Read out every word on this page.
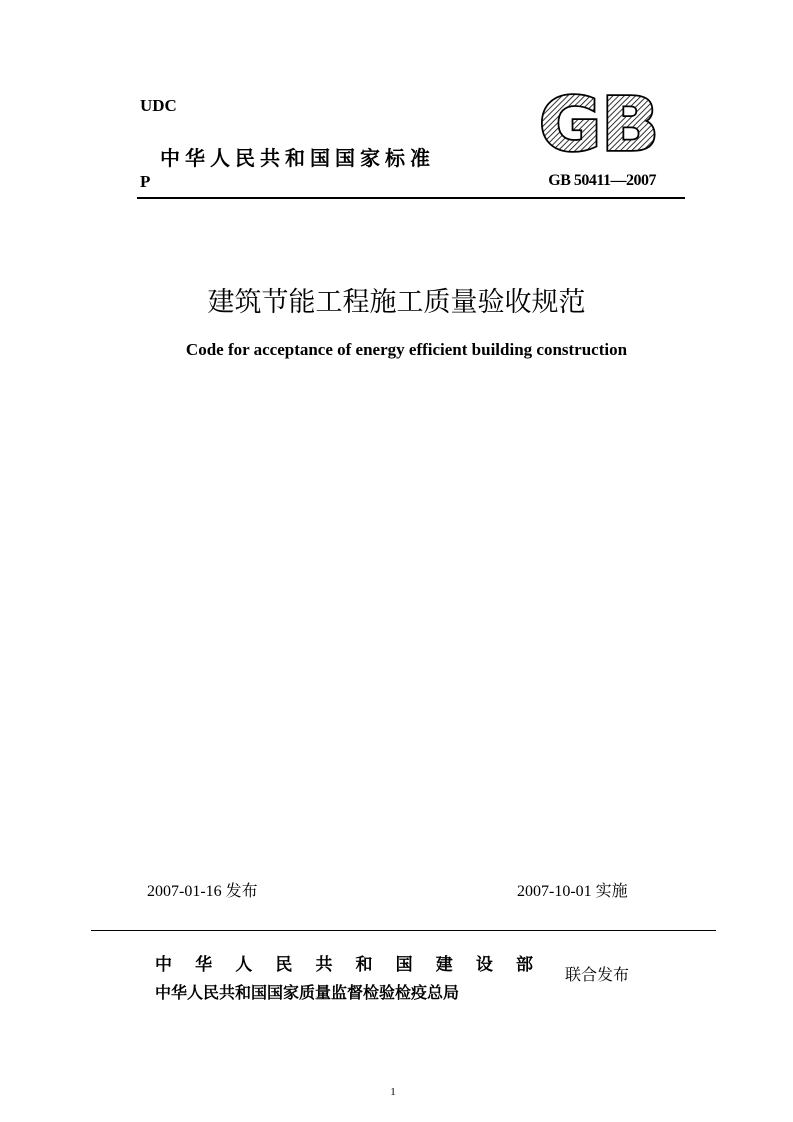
UDC
中华人民共和国国家标准
P
GB
GB 50411—2007
建筑节能工程施工质量验收规范
Code for acceptance of energy efficient building construction
2007-01-16 发布	2007-10-01 实施
中 华 人 民 共 和 国 建 设 部
中华人民共和国国家质量监督检验检疫总局
联合发布
1
